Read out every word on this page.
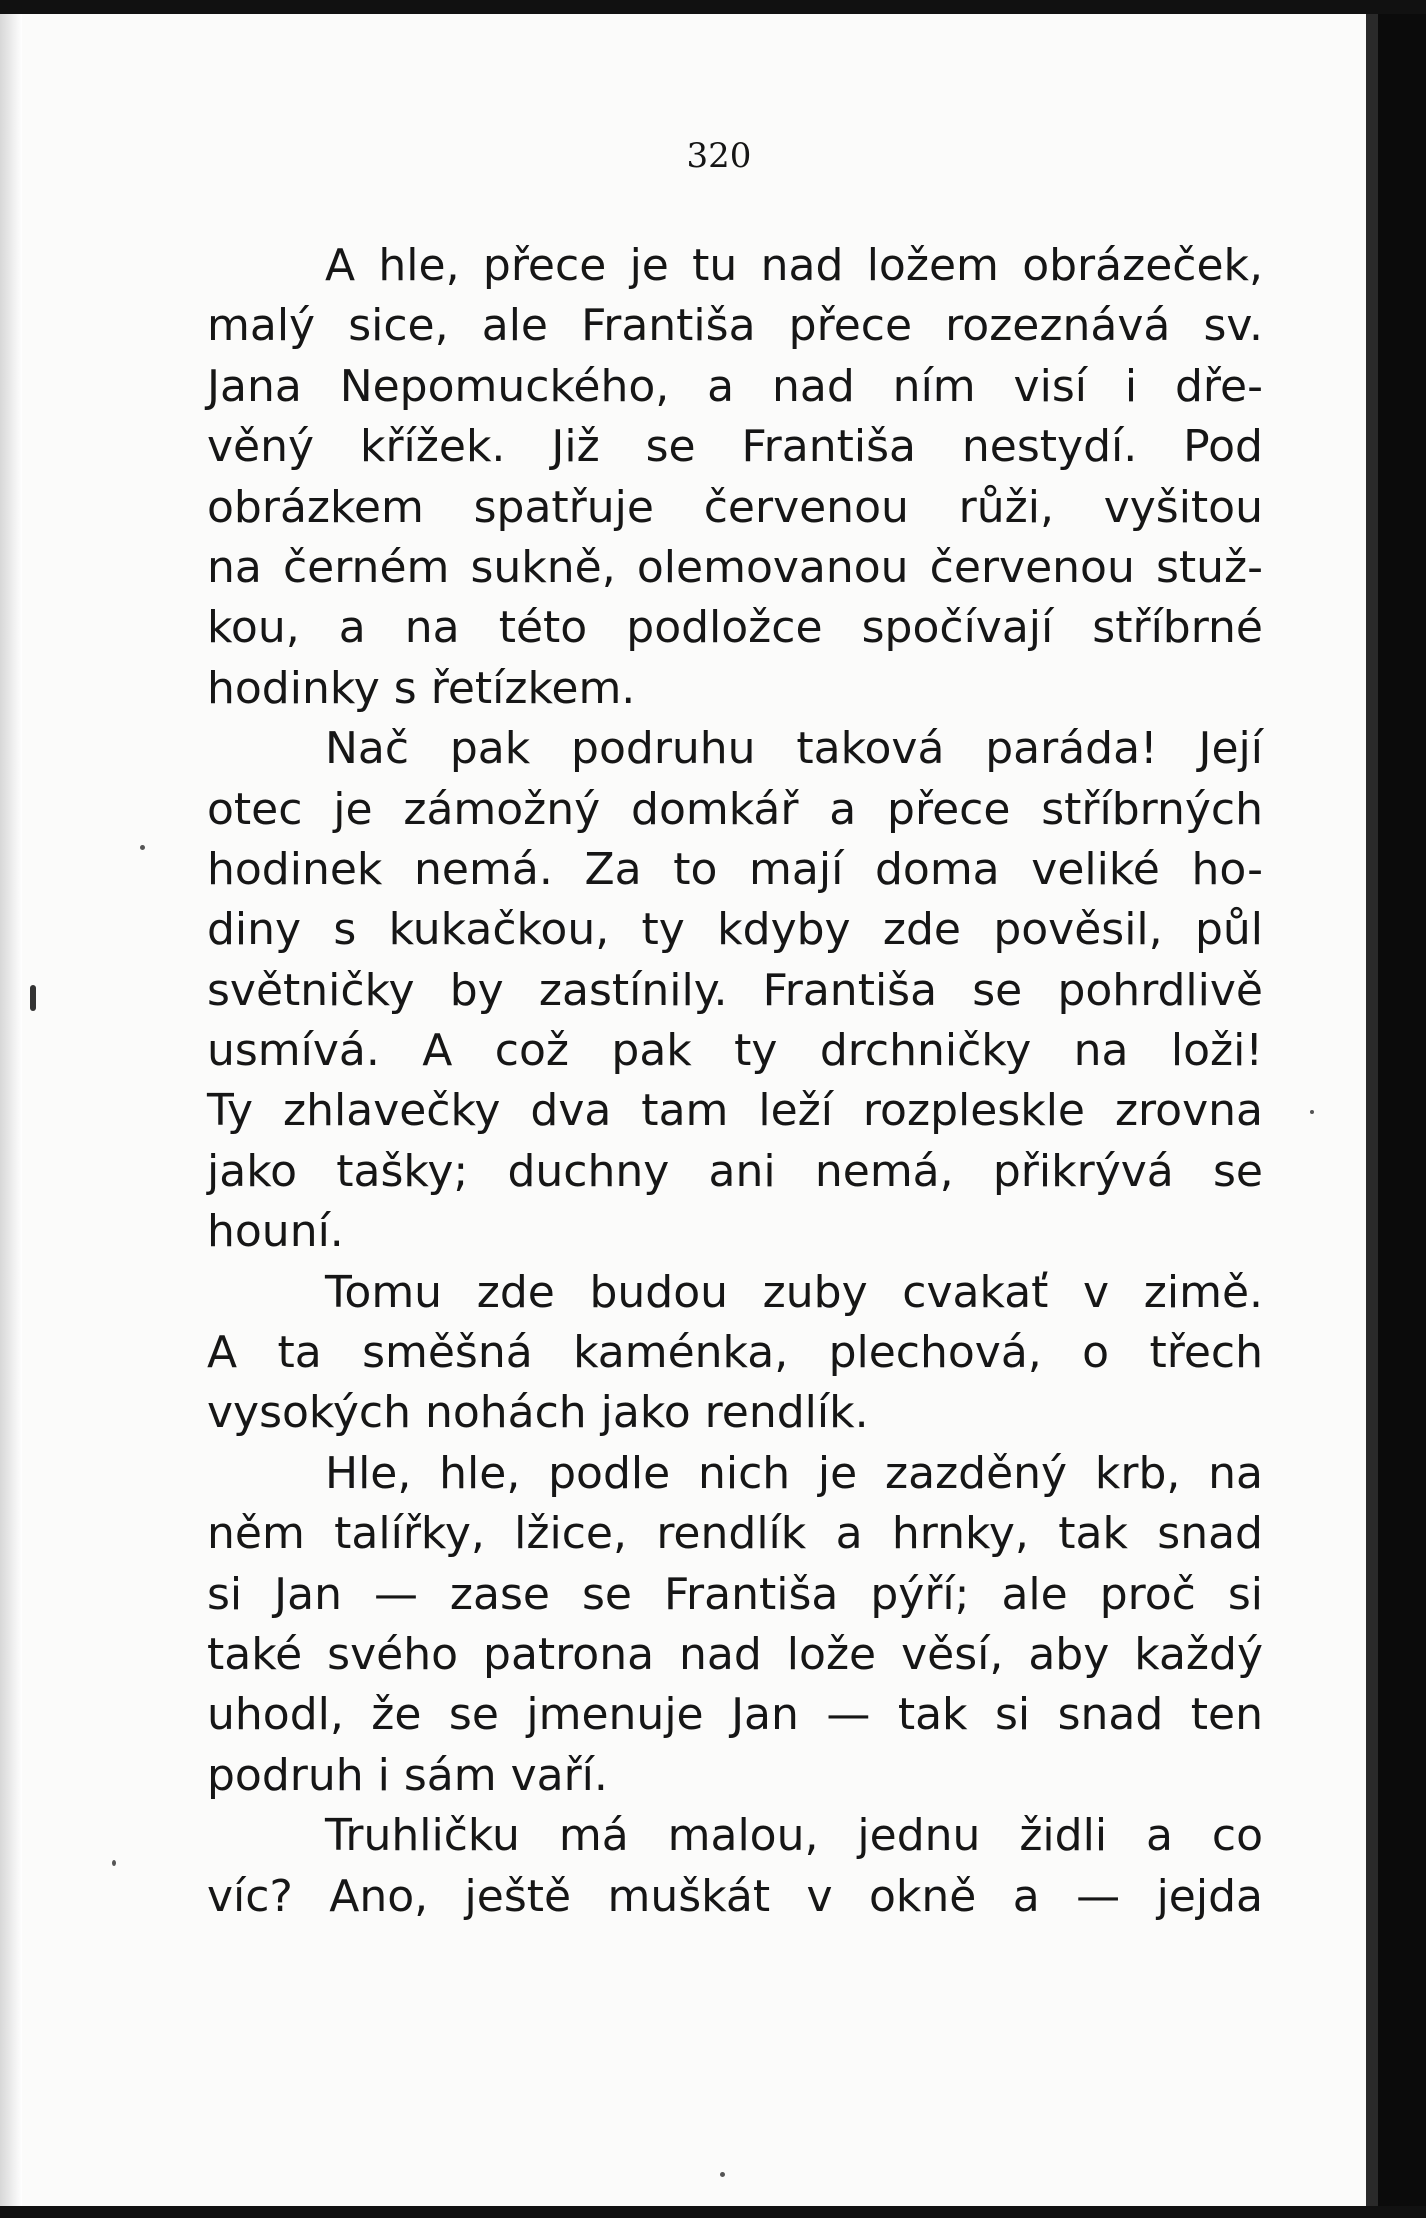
320
A hle, přece je tu nad ložem obrázeček,
malý sice, ale Františa přece rozeznává sv.
Jana Nepomuckého, a nad ním visí i dře-
věný křížek. Již se Františa nestydí. Pod
obrázkem spatřuje červenou růži, vyšitou
na černém sukně, olemovanou červenou stuž-
kou, a na této podložce spočívají stříbrné
hodinky s řetízkem.
Nač pak podruhu taková paráda! Její
otec je zámožný domkář a přece stříbrných
hodinek nemá. Za to mají doma veliké ho-
diny s kukačkou, ty kdyby zde pověsil, půl
světničky by zastínily. Františa se pohrdlivě
usmívá. A což pak ty drchničky na loži!
Ty zhlavečky dva tam leží rozpleskle zrovna
jako tašky; duchny ani nemá, přikrývá se
houní.
Tomu zde budou zuby cvakať v zimě.
A ta směšná kaménka, plechová, o třech
vysokých nohách jako rendlík.
Hle, hle, podle nich je zazděný krb, na
něm talířky, lžice, rendlík a hrnky, tak snad
si Jan — zase se Františa pýří; ale proč si
také svého patrona nad lože věsí, aby každý
uhodl, že se jmenuje Jan — tak si snad ten
podruh i sám vaří.
Truhličku má malou, jednu židli a co
víc? Ano, ještě muškát v okně a — jejda
